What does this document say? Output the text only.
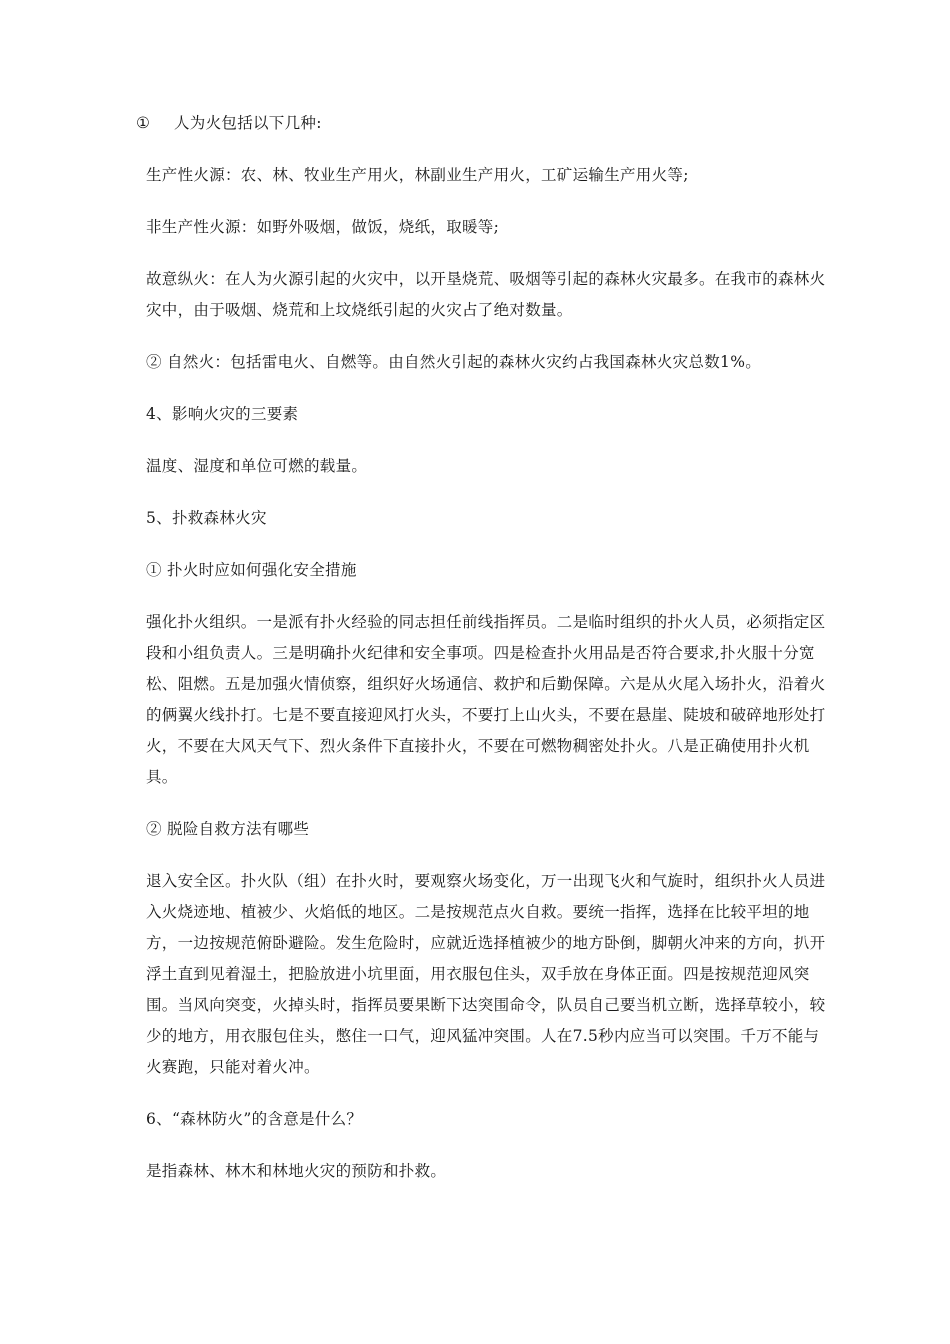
① 人为火包括以下几种:

生产性火源：农、林、牧业生产用火，林副业生产用火，工矿运输生产用火等;

非生产性火源：如野外吸烟，做饭，烧纸，取暖等;

故意纵火：在人为火源引起的火灾中，以开垦烧荒、吸烟等引起的森林火灾最多。在我市的森林火灾中，由于吸烟、烧荒和上坟烧纸引起的火灾占了绝对数量。

② 自然火：包括雷电火、自燃等。由自然火引起的森林火灾约占我国森林火灾总数1%。

4、影响火灾的三要素

温度、湿度和单位可燃的载量。

5、扑救森林火灾

① 扑火时应如何强化安全措施

强化扑火组织。一是派有扑火经验的同志担任前线指挥员。二是临时组织的扑火人员，必须指定区段和小组负责人。三是明确扑火纪律和安全事项。四是检查扑火用品是否符合要求,扑火服十分宽松、阻燃。五是加强火情侦察，组织好火场通信、救护和后勤保障。六是从火尾入场扑火，沿着火的俩翼火线扑打。七是不要直接迎风打火头，不要打上山火头，不要在悬崖、陡坡和破碎地形处打火，不要在大风天气下、烈火条件下直接扑火，不要在可燃物稠密处扑火。八是正确使用扑火机具。

② 脱险自救方法有哪些

退入安全区。扑火队（组）在扑火时，要观察火场变化，万一出现飞火和气旋时，组织扑火人员进入火烧迹地、植被少、火焰低的地区。二是按规范点火自救。要统一指挥，选择在比较平坦的地方，一边按规范俯卧避险。发生危险时，应就近选择植被少的地方卧倒，脚朝火冲来的方向，扒开浮土直到见着湿土，把脸放进小坑里面，用衣服包住头，双手放在身体正面。四是按规范迎风突围。当风向突变，火掉头时，指挥员要果断下达突围命令，队员自己要当机立断，选择草较小，较少的地方，用衣服包住头，憋住一口气，迎风猛冲突围。人在7.5秒内应当可以突围。千万不能与火赛跑，只能对着火冲。

6、“森林防火”的含意是什么？

是指森林、林木和林地火灾的预防和扑救。
